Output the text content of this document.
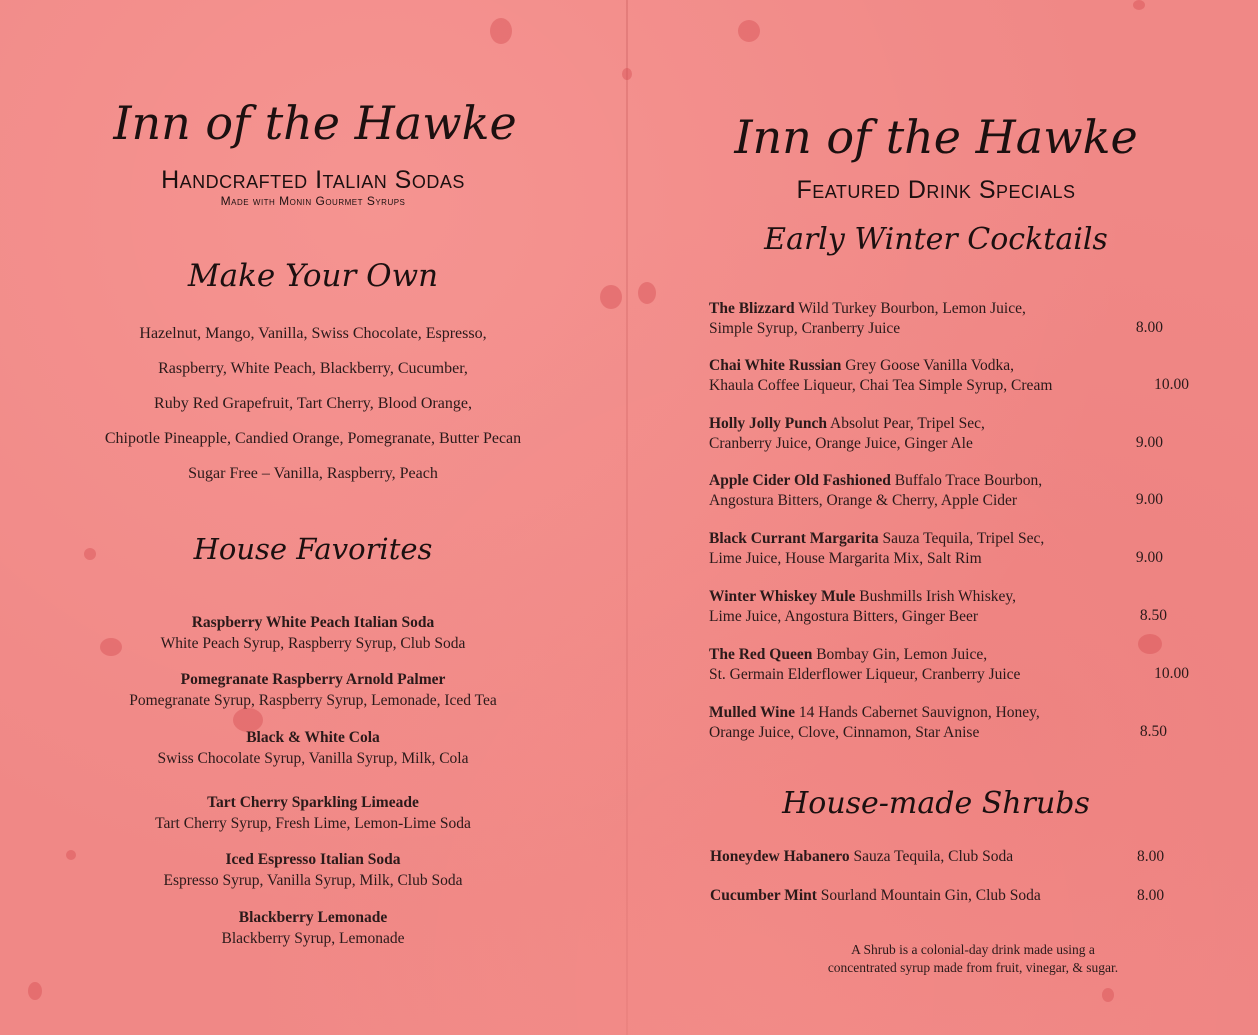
Inn of the Hawke
Handcrafted Italian Sodas
Made with Monin Gourmet Syrups
Make Your Own
Hazelnut, Mango, Vanilla, Swiss Chocolate, Espresso,
Raspberry, White Peach, Blackberry, Cucumber,
Ruby Red Grapefruit, Tart Cherry, Blood Orange,
Chipotle Pineapple, Candied Orange, Pomegranate, Butter Pecan
Sugar Free – Vanilla, Raspberry, Peach
House Favorites
Raspberry White Peach Italian Soda
White Peach Syrup, Raspberry Syrup, Club Soda
Pomegranate Raspberry Arnold Palmer
Pomegranate Syrup, Raspberry Syrup, Lemonade, Iced Tea
Black & White Cola
Swiss Chocolate Syrup, Vanilla Syrup, Milk, Cola
Tart Cherry Sparkling Limeade
Tart Cherry Syrup, Fresh Lime, Lemon-Lime Soda
Iced Espresso Italian Soda
Espresso Syrup, Vanilla Syrup, Milk, Club Soda
Blackberry Lemonade
Blackberry Syrup, Lemonade
Inn of the Hawke
Featured Drink Specials
Early Winter Cocktails
The Blizzard Wild Turkey Bourbon, Lemon Juice,
Simple Syrup, Cranberry Juice	8.00
Chai White Russian Grey Goose Vanilla Vodka,
Khaula Coffee Liqueur, Chai Tea Simple Syrup, Cream	10.00
Holly Jolly Punch Absolut Pear, Tripel Sec,
Cranberry Juice, Orange Juice, Ginger Ale	9.00
Apple Cider Old Fashioned Buffalo Trace Bourbon,
Angostura Bitters, Orange & Cherry, Apple Cider	9.00
Black Currant Margarita Sauza Tequila, Tripel Sec,
Lime Juice, House Margarita Mix, Salt Rim	9.00
Winter Whiskey Mule Bushmills Irish Whiskey,
Lime Juice, Angostura Bitters, Ginger Beer	8.50
The Red Queen Bombay Gin, Lemon Juice,
St. Germain Elderflower Liqueur, Cranberry Juice	10.00
Mulled Wine 14 Hands Cabernet Sauvignon, Honey,
Orange Juice, Clove, Cinnamon, Star Anise	8.50
House-made Shrubs
Honeydew Habanero Sauza Tequila, Club Soda	8.00
Cucumber Mint Sourland Mountain Gin, Club Soda	8.00
A Shrub is a colonial-day drink made using a
concentrated syrup made from fruit, vinegar, & sugar.
